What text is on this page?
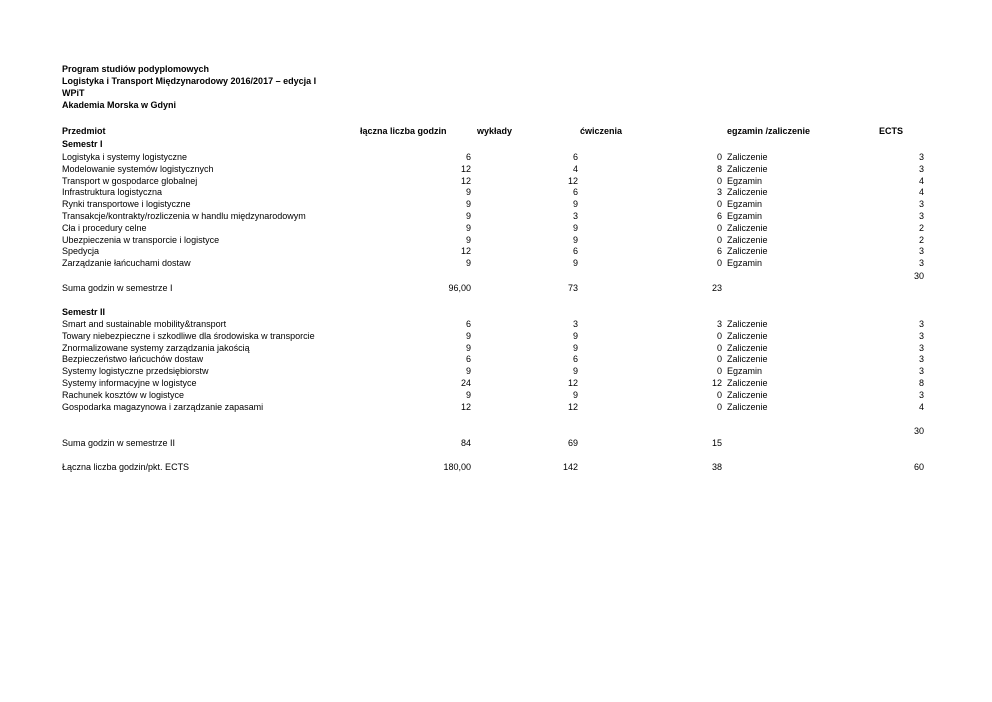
Program studiów podyplomowych
Logistyka i Transport Międzynarodowy 2016/2017 – edycja I
WPiT
Akademia Morska w Gdyni
Przedmiot	łączna liczba godzin	wykłady	ćwiczenia	egzamin /zaliczenie	ECTS
Semestr I
Logistyka i systemy logistyczne	6	6	0 Zaliczenie	3
Modelowanie systemów logistycznych	12	4	8 Zaliczenie	3
Transport w gospodarce globalnej	12	12	0 Egzamin	4
Infrastruktura logistyczna	9	6	3 Zaliczenie	4
Rynki transportowe i logistyczne	9	9	0 Egzamin	3
Transakcje/kontrakty/rozliczenia w handlu międzynarodowym	9	3	6 Egzamin	3
Cła i procedury celne	9	9	0 Zaliczenie	2
Ubezpieczenia w transporcie i logistyce	9	9	0 Zaliczenie	2
Spedycja	12	6	6 Zaliczenie	3
Zarządzanie łańcuchami dostaw	9	9	0 Egzamin	3
30
Suma godzin w semestrze I	96,00	73	23
Semestr II
Smart and sustainable mobility&transport	6	3	3 Zaliczenie	3
Towary niebezpieczne i szkodliwe dla środowiska w transporcie	9	9	0 Zaliczenie	3
Znormalizowane systemy zarządzania jakością	9	9	0 Zaliczenie	3
Bezpieczeństwo łańcuchów dostaw	6	6	0 Zaliczenie	3
Systemy logistyczne przedsiębiorstw	9	9	0 Egzamin	3
Systemy informacyjne w logistyce	24	12	12 Zaliczenie	8
Rachunek kosztów w logistyce	9	9	0 Zaliczenie	3
Gospodarka magazynowa i zarządzanie zapasami	12	12	0 Zaliczenie	4
30
Suma godzin w semestrze II	84	69	15
Łączna liczba godzin/pkt. ECTS	180,00	142	38	60
